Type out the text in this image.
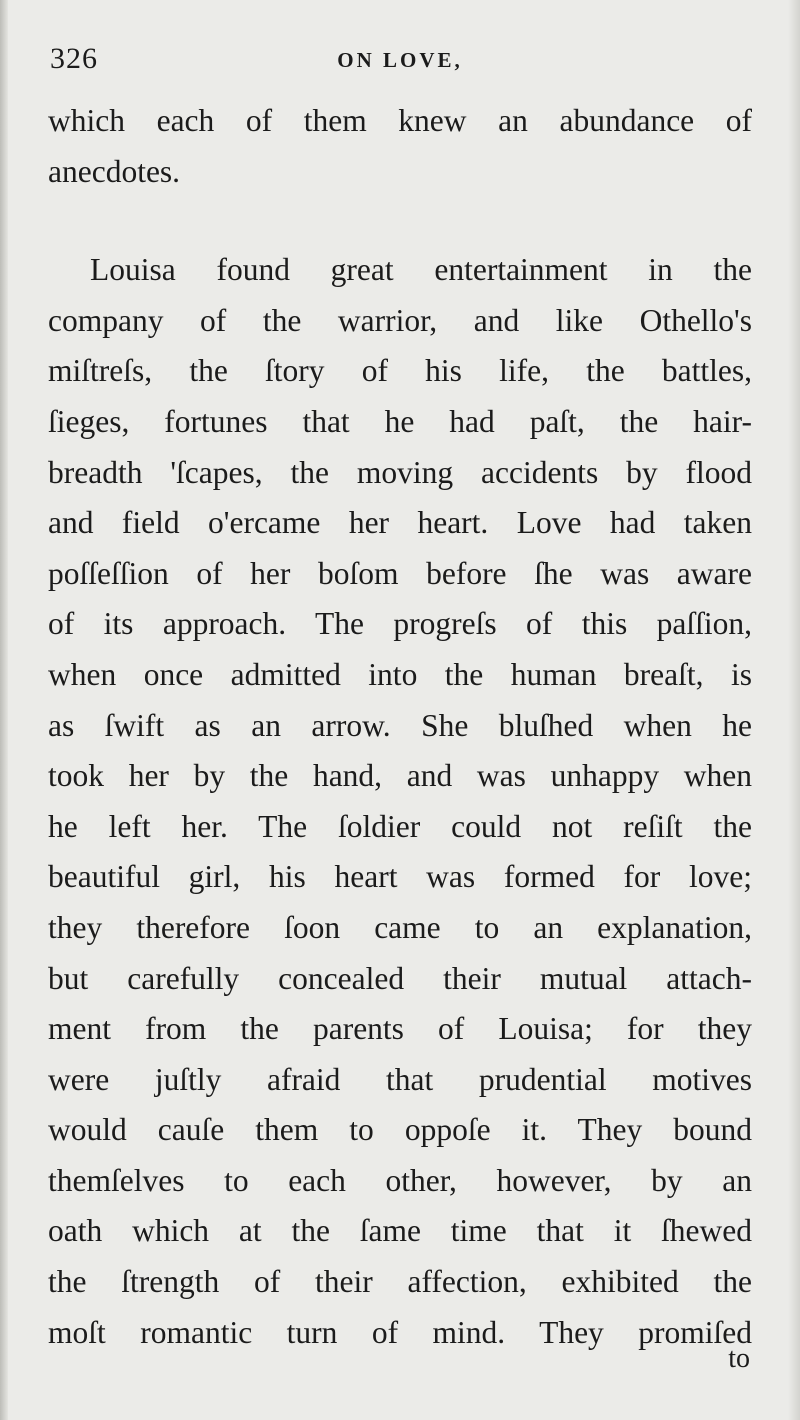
326	ON LOVE,
which each of them knew an abundance of
anecdotes.
Louisa found great entertainment in the
company of the warrior, and like Othello's
miſtreſs, the ſtory of his life, the battles,
ſieges, fortunes that he had paſt, the hair-
breadth 'ſcapes, the moving accidents by flood
and field o'ercame her heart. Love had taken
poſſeſſion of her boſom before ſhe was aware
of its approach. The progreſs of this paſſion,
when once admitted into the human breaſt, is
as ſwift as an arrow. She bluſhed when he
took her by the hand, and was unhappy when
he left her. The ſoldier could not reſiſt the
beautiful girl, his heart was formed for love;
they therefore ſoon came to an explanation,
but carefully concealed their mutual attach-
ment from the parents of Louisa; for they
were juſtly afraid that prudential motives
would cauſe them to oppoſe it. They bound
themſelves to each other, however, by an
oath which at the ſame time that it ſhewed
the ſtrength of their affection, exhibited the
moſt romantic turn of mind. They promiſed
to
